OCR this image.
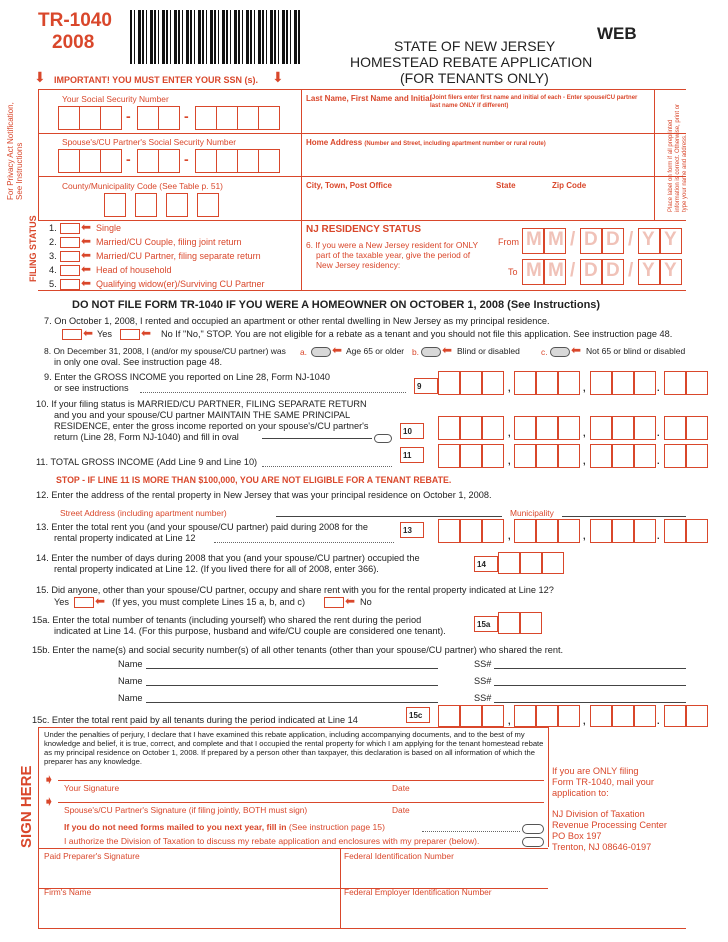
TR-1040
2008	WEB
STATE OF NEW JERSEY
HOMESTEAD REBATE APPLICATION
(FOR TENANTS ONLY)
⬇ IMPORTANT! YOU MUST ENTER YOUR SSN (s). ⬇
For Privacy Act Notification, See Instructions	Place label on form if all preprinted information is correct. Otherwise, print or type your name and address.
Your Social Security Number
-	-
Spouse's/CU Partner's Social Security Number
-	-
County/Municipality Code (See Table p. 51)
Last Name, First Name and Initial
(Joint filers enter first name and initial of each - Enter spouse/CU partner last name ONLY if different)
Home Address (Number and Street, including apartment number or rural route)
City, Town, Post Office	State	Zip Code
FILING STATUS 1. ⬅ Single
2. ⬅ Married/CU Couple, filing joint return
3. ⬅ Married/CU Partner, filing separate return
4. ⬅ Head of household
5. ⬅ Qualifying widow(er)/Surviving CU Partner
NJ RESIDENCY STATUS
6. If you were a New Jersey resident for ONLY
part of the taxable year, give the period of
New Jersey residency:
From
To
M M / D D / Y Y
M M / D D / Y Y
DO NOT FILE FORM TR-1040 IF YOU WERE A HOMEOWNER ON OCTOBER 1, 2008 (See Instructions)
7. On October 1, 2008, I rented and occupied an apartment or other rental dwelling in New Jersey as my principal residence.
⬅ Yes ⬅ No If "No," STOP. You are not eligible for a rebate as a tenant and you should not file this application. See instruction page 48.
8. On December 31, 2008, I (and/or my spouse/CU partner) was a. ⬅ Age 65 or older b. ⬅ Blind or disabled	c. ⬅ Not 65 or blind or disabled
in only one oval. See instruction page 48.
9. Enter the GROSS INCOME you reported on Line 28, Form NJ-1040
or see instructions	9	,	,	.
10. If your filing status is MARRIED/CU PARTNER, FILING SEPARATE RETURN
and you and your spouse/CU partner MAINTAIN THE SAME PRINCIPAL
RESIDENCE, enter the gross income reported on your spouse's/CU partner's
return (Line 28, Form NJ-1040) and fill in oval
10	,	,	.
11. TOTAL GROSS INCOME (Add Line 9 and Line 10)
11
,	,	.
STOP - IF LINE 11 IS MORE THAN $100,000, YOU ARE NOT ELIGIBLE FOR A TENANT REBATE.
12. Enter the address of the rental property in New Jersey that was your principal residence on October 1, 2008.
Street Address (including apartment number)	Municipality
13. Enter the total rent you (and your spouse/CU partner) paid during 2008 for the
rental property indicated at Line 12
13
,	,	.
14. Enter the number of days during 2008 that you (and your spouse/CU partner) occupied the
rental property indicated at Line 12. (If you lived there for all of 2008, enter 366).	14
15. Did anyone, other than your spouse/CU partner, occupy and share rent with you for the rental property indicated at Line 12?
Yes ⬅ (If yes, you must complete Lines 15 a, b, and c)	⬅ No
15a. Enter the total number of tenants (including yourself) who shared the rent during the period
indicated at Line 14. (For this purpose, husband and wife/CU couple are considered one tenant).
15a
15b. Enter the name(s) and social security number(s) of all other tenants (other than your spouse/CU partner) who shared the rent.
Name	SS#
Name	SS#
Name	SS#
15c. Enter the total rent paid by all tenants during the period indicated at Line 14	15c
,	,	.
SIGN HERE
Under the penalties of perjury, I declare that I have examined this rebate application, including accompanying documents, and to the best of my knowledge and belief, it is true, correct, and complete and that I occupied the rental property for which I am applying for the tenant homestead rebate as my principal residence on October 1, 2008. If prepared by a person other than taxpayer, this declaration is based on all information of which the preparer has any knowledge.
➧
Your Signature	Date
➧
Spouse's/CU Partner's Signature (if filing jointly, BOTH must sign)	Date
If you do not need forms mailed to you next year, fill in (See instruction page 15)
I authorize the Division of Taxation to discuss my rebate application and enclosures with my preparer (below).
Paid Preparer's Signature	Federal Identification Number
Firm's Name	Federal Employer Identification Number
If you are ONLY filing
Form TR-1040, mail your
application to:
NJ Division of Taxation
Revenue Processing Center
PO Box 197
Trenton, NJ 08646-0197
